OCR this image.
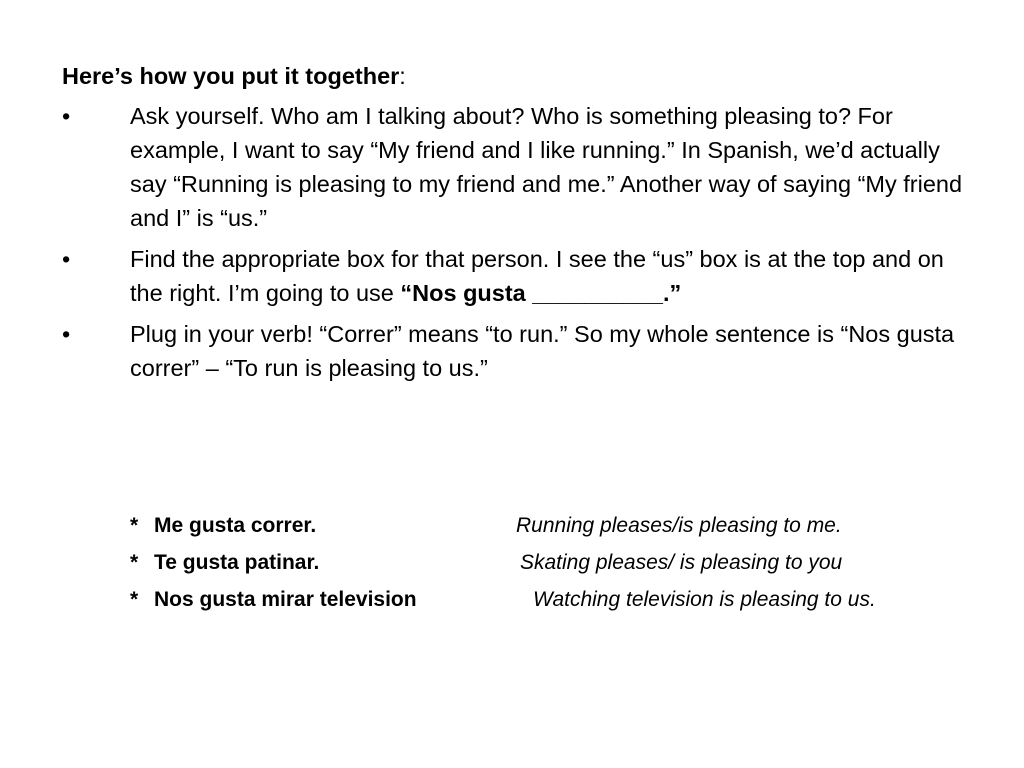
Here’s how you put it together:
•	Ask yourself. Who am I talking about? Who is something pleasing to? For example, I want to say “My friend and I like running.” In Spanish, we’d actually say “Running is pleasing to my friend and me.” Another way of saying “My friend and I” is “us.”
•	Find the appropriate box for that person. I see the “us” box is at the top and on the right. I’m going to use “Nos gusta __________.”
•	Plug in your verb! “Correr” means “to run.” So my whole sentence is “Nos gusta correr” – “To run is pleasing to us.”
* Me gusta correr.	Running pleases/is pleasing to me.
* Te gusta patinar.	Skating pleases/ is pleasing to you
* Nos gusta mirar television	Watching television is pleasing to us.
